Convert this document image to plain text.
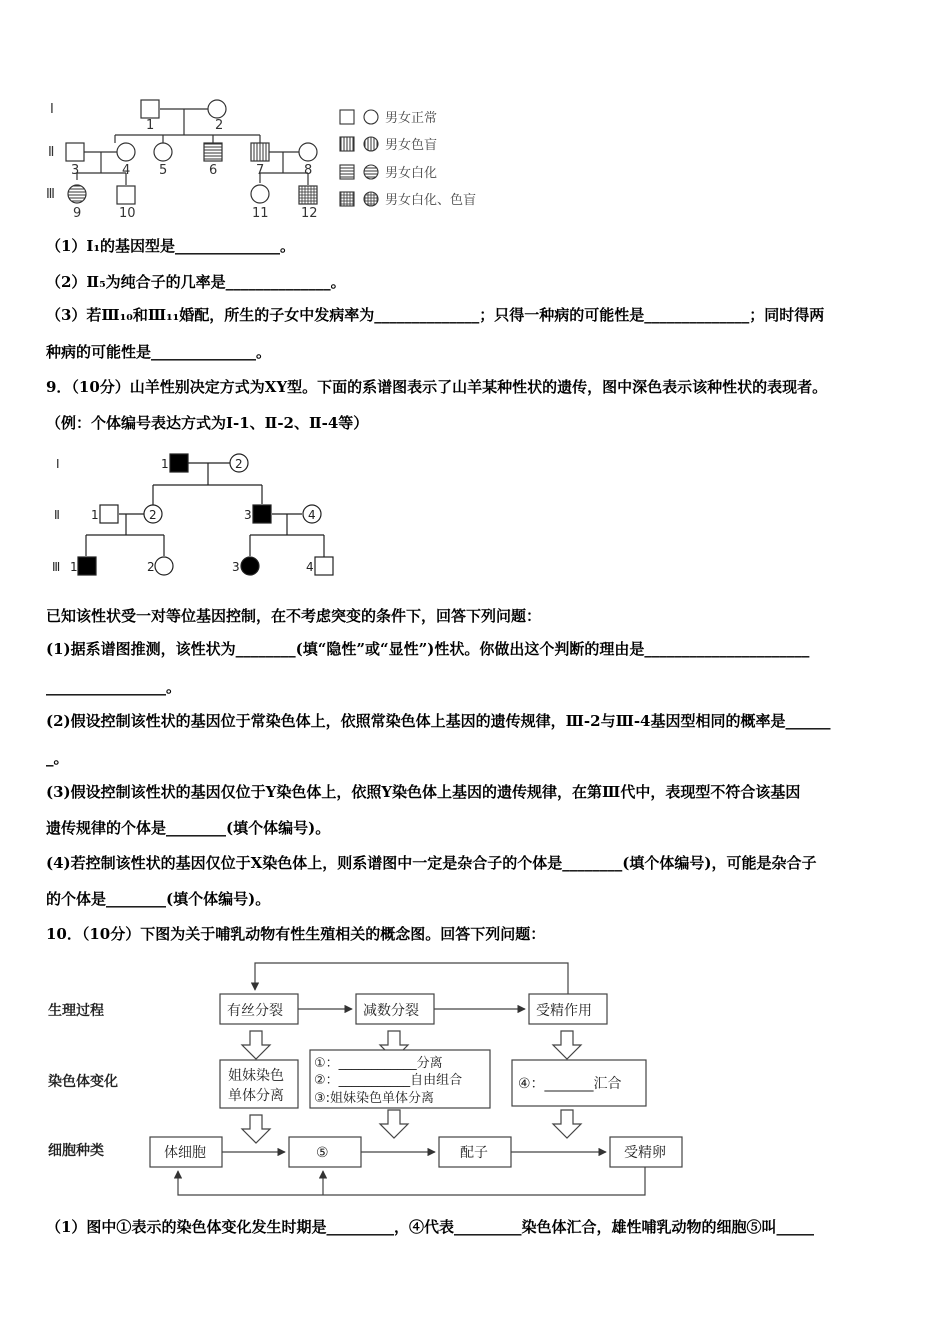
Ⅰ
Ⅱ
Ⅲ
1	2
3	4 5	6	7	8
9	10	11 12
男女正常
男女色盲
男女白化
男女白化、色盲
（1）Ⅰ₁的基因型是______________。
（2）Ⅱ₅为纯合子的几率是______________。
（3）若Ⅲ₁₀和Ⅲ₁₁婚配，所生的子女中发病率为______________；只得一种病的可能性是______________；同时得两
种病的可能性是______________。
9．（10分）山羊性别决定方式为XY型。下面的系谱图表示了山羊某种性状的遗传，图中深色表示该种性状的表现者。
（例：个体编号表达方式为Ⅰ-1、Ⅱ-2、Ⅱ-4等）
Ⅰ
Ⅱ
Ⅲ
1	2
1	2	3	4
1	2	3	4
已知该性状受一对等位基因控制，在不考虑突变的条件下，回答下列问题：
(1)据系谱图推测，该性状为________(填“隐性”或“显性”)性状。你做出这个判断的理由是______________________
________________。
(2)假设控制该性状的基因位于常染色体上，依照常染色体上基因的遗传规律，Ⅲ-2与Ⅲ-4基因型相同的概率是______
_。
(3)假设控制该性状的基因仅位于Y染色体上，依照Y染色体上基因的遗传规律，在第Ⅲ代中，表现型不符合该基因
遗传规律的个体是________(填个体编号)。
(4)若控制该性状的基因仅位于X染色体上，则系谱图中一定是杂合子的个体是________(填个体编号)，可能是杂合子
的个体是________(填个体编号)。
10．（10分）下图为关于哺乳动物有性生殖相关的概念图。回答下列问题：
生理过程
染色体变化
细胞种类
有丝分裂	减数分裂	受精作用
姐妹染色
单体分离
①：____________分离
②：___________自由组合
③:姐妹染色单体分离
④：_______汇合
体细胞	⑤	配子	受精卵
（1）图中①表示的染色体变化发生时期是_________，④代表_________染色体汇合，雄性哺乳动物的细胞⑤叫_____
